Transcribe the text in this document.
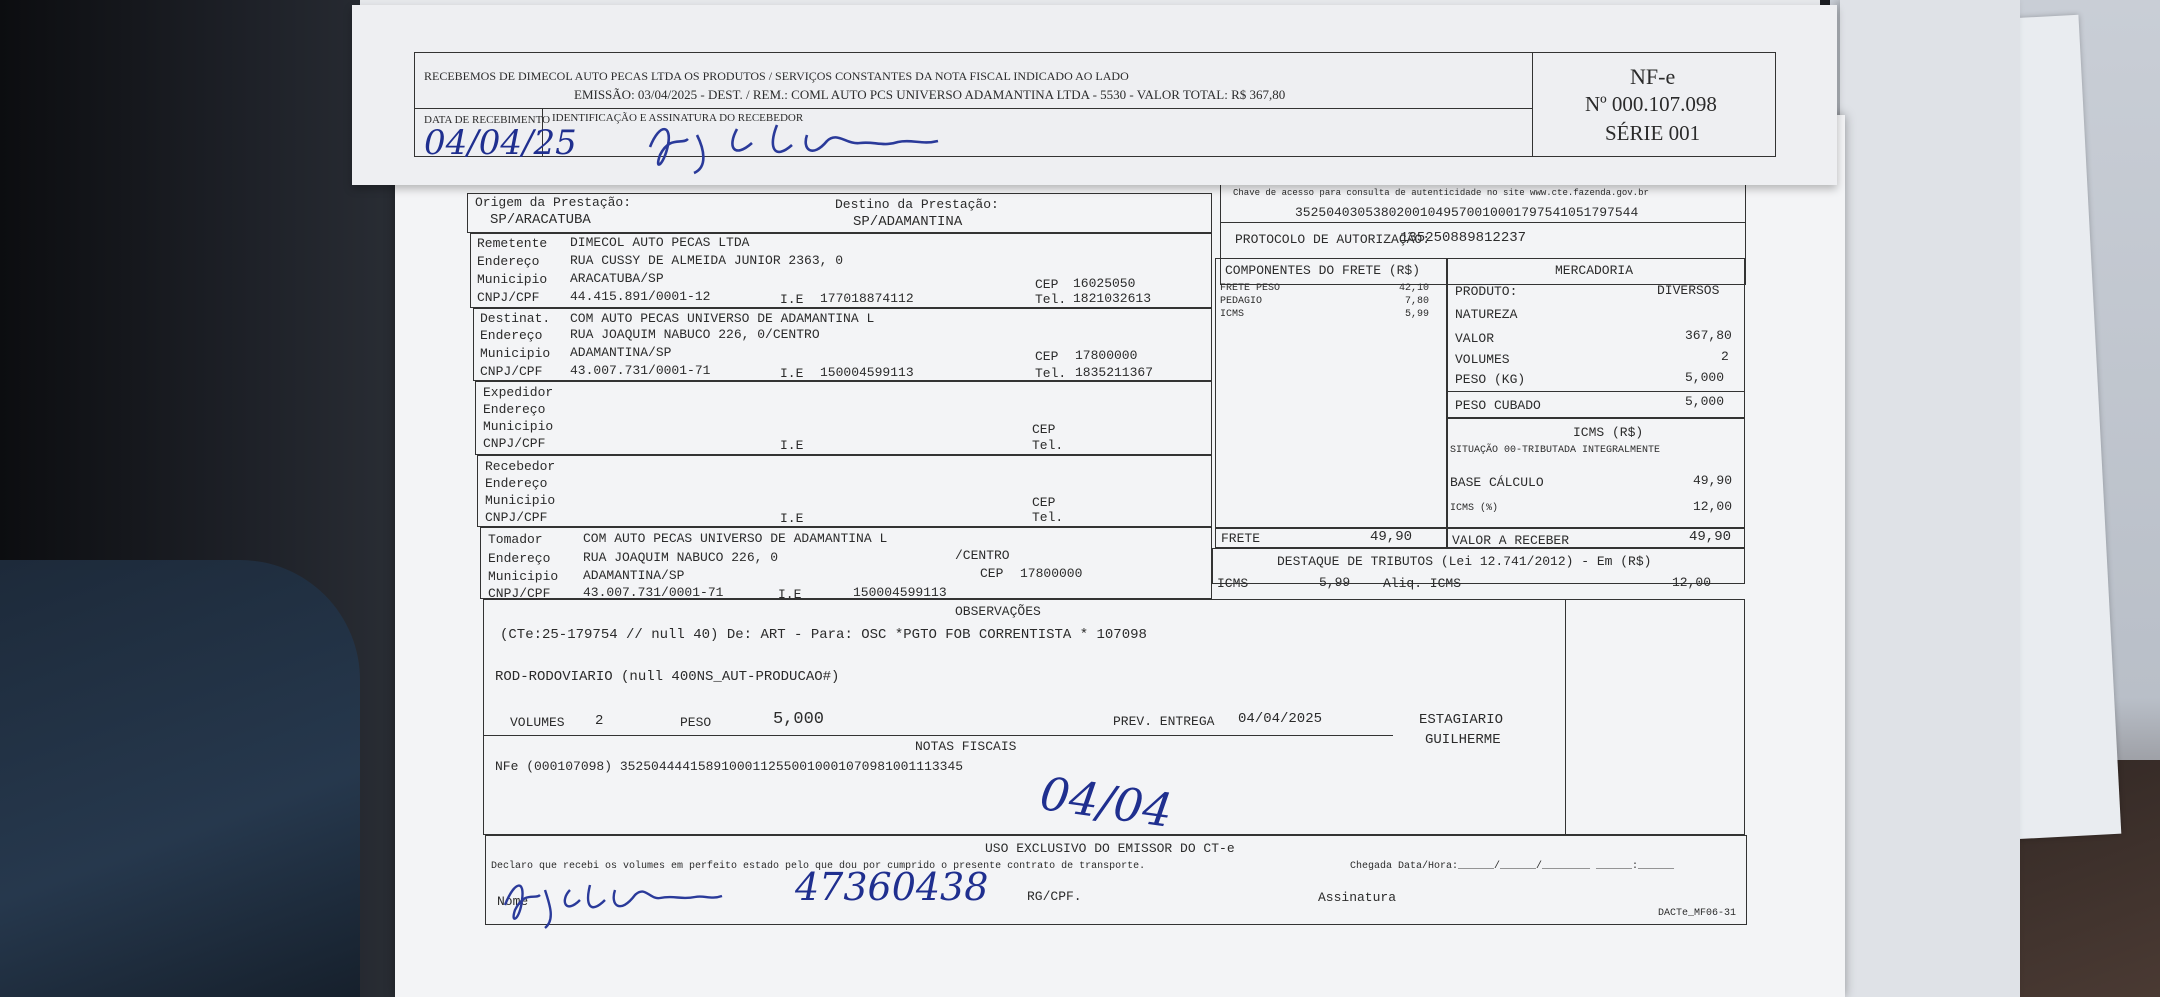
Chave de acesso para consulta de autenticidade no site www.cte.fazenda.gov.br
35250403053802001049570010001797541051797544
PROTOCOLO DE AUTORIZAÇÃO:
135250889812237
Origem da Prestação:
SP/ARACATUBA
Destino da Prestação:
SP/ADAMANTINA
Remetente DIMECOL AUTO PECAS LTDA
Endereço RUA CUSSY DE ALMEIDA JUNIOR 2363, 0
Municipio ARACATUBA/SP	CEP 16025050
CNPJ/CPF 44.415.891/0001-12	I.E 177018874112	Tel. 1821032613
Destinat. COM AUTO PECAS UNIVERSO DE ADAMANTINA L
Endereço RUA JOAQUIM NABUCO 226, 0/CENTRO
Municipio ADAMANTINA/SP	CEP 17800000
CNPJ/CPF 43.007.731/0001-71	I.E 150004599113	Tel. 1835211367
Expedidor
Endereço
Municipio
CNPJ/CPF	I.E
CEP
Tel.
Recebedor
Endereço
Municipio
CNPJ/CPF	I.E
CEP
Tel.
Tomador	COM AUTO PECAS UNIVERSO DE ADAMANTINA L
Endereço	RUA JOAQUIM NABUCO 226, 0	/CENTRO
Municipio ADAMANTINA/SP	CEP 17800000
CNPJ/CPF	43.007.731/0001-71	I.E	150004599113
COMPONENTES DO FRETE (R$)
FRETE PESO	42,10
PEDAGIO	7,80
ICMS	5,99
FRETE	49,90
MERCADORIA
PRODUTO:	DIVERSOS
NATUREZA
VALOR	367,80
VOLUMES	2
PESO (KG)	5,000
PESO CUBADO	5,000
ICMS (R$)
SITUAÇÃO 00-TRIBUTADA INTEGRALMENTE
BASE CÁLCULO	49,90
ICMS (%)	12,00
VALOR A RECEBER	49,90
DESTAQUE DE TRIBUTOS (Lei 12.741/2012) - Em (R$)
ICMS	5,99	Aliq. ICMS	12,00
OBSERVAÇÕES
(CTe:25-179754 // null 40) De: ART - Para: OSC *PGTO FOB CORRENTISTA * 107098
ROD-RODOVIARIO (null 400NS_AUT-PRODUCAO#)
VOLUMES 2	PESO	5,000	PREV. ENTREGA 04/04/2025	ESTAGIARIO
GUILHERME
NOTAS FISCAIS
NFe (000107098) 35250444415891000112550010001070981001113345
USO EXCLUSIVO DO EMISSOR DO CT-e
Declaro que recebi os volumes em perfeito estado pelo que dou por cumprido o presente contrato de transporte.	Chegada Data/Hora:______/______/________ ______:______
Nome	RG/CPF.	Assinatura
DACTe_MF06-31
47360438
04/04
RECEBEMOS DE DIMECOL AUTO PECAS LTDA OS PRODUTOS / SERVIÇOS CONSTANTES DA NOTA FISCAL INDICADO AO LADO
EMISSÃO: 03/04/2025 - DEST. / REM.: COML AUTO PCS UNIVERSO ADAMANTINA LTDA - 5530 - VALOR TOTAL: R$ 367,80
DATA DE RECEBIMENTO IDENTIFICAÇÃO E ASSINATURA DO RECEBEDOR
04/04/25
NF-e
Nº 000.107.098
SÉRIE 001
